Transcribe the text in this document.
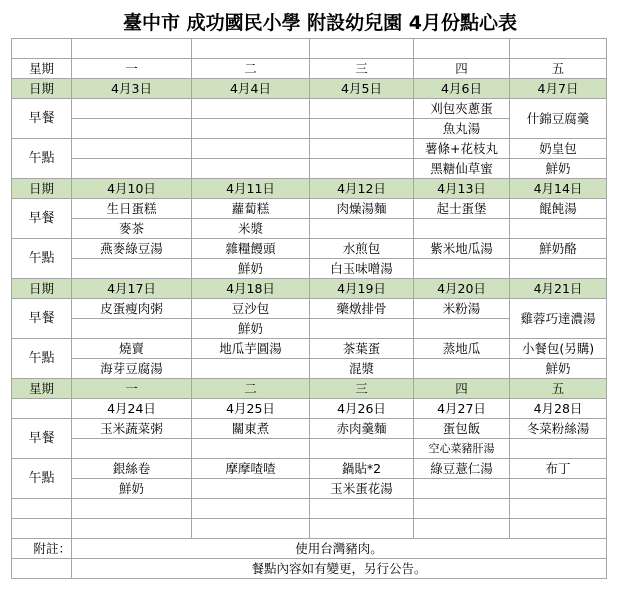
臺中市 成功國民小學 附設幼兒園 4月份點心表

星期	一	二	三	四	五
日期	4月3日	4月4日	4月5日	4月6日	4月7日
早餐				刈包夾蔥蛋	什錦豆腐羹
				魚丸湯	
午點				薯條+花枝丸	奶皇包
				黑糖仙草蜜	鮮奶
日期	4月10日	4月11日	4月12日	4月13日	4月14日
早餐	生日蛋糕	蘿蔔糕	肉燥湯麵	起士蛋堡	餛飩湯
	麥茶	米漿			
午點	燕麥綠豆湯	雜糧饅頭	水煎包	紫米地瓜湯	鮮奶酪
		鮮奶	白玉味噌湯		
日期	4月17日	4月18日	4月19日	4月20日	4月21日
早餐	皮蛋瘦肉粥	豆沙包	藥燉排骨	米粉湯	雞蓉巧達濃湯
		鮮奶			
午點	燒賣	地瓜芋圓湯	茶葉蛋	蒸地瓜	小餐包(另購)
	海芽豆腐湯		混漿		鮮奶
星期	一	二	三	四	五
	4月24日	4月25日	4月26日	4月27日	4月28日
早餐	玉米蔬菜粥	關東煮	赤肉羹麵	蛋包飯	冬菜粉絲湯
				空心菜豬肝湯	
午點	銀絲卷	摩摩喳喳	鍋貼*2	綠豆薏仁湯	布丁
	鮮奶		玉米蛋花湯		

附註：	使用台灣豬肉。				
	餐點內容如有變更，另行公告。				
